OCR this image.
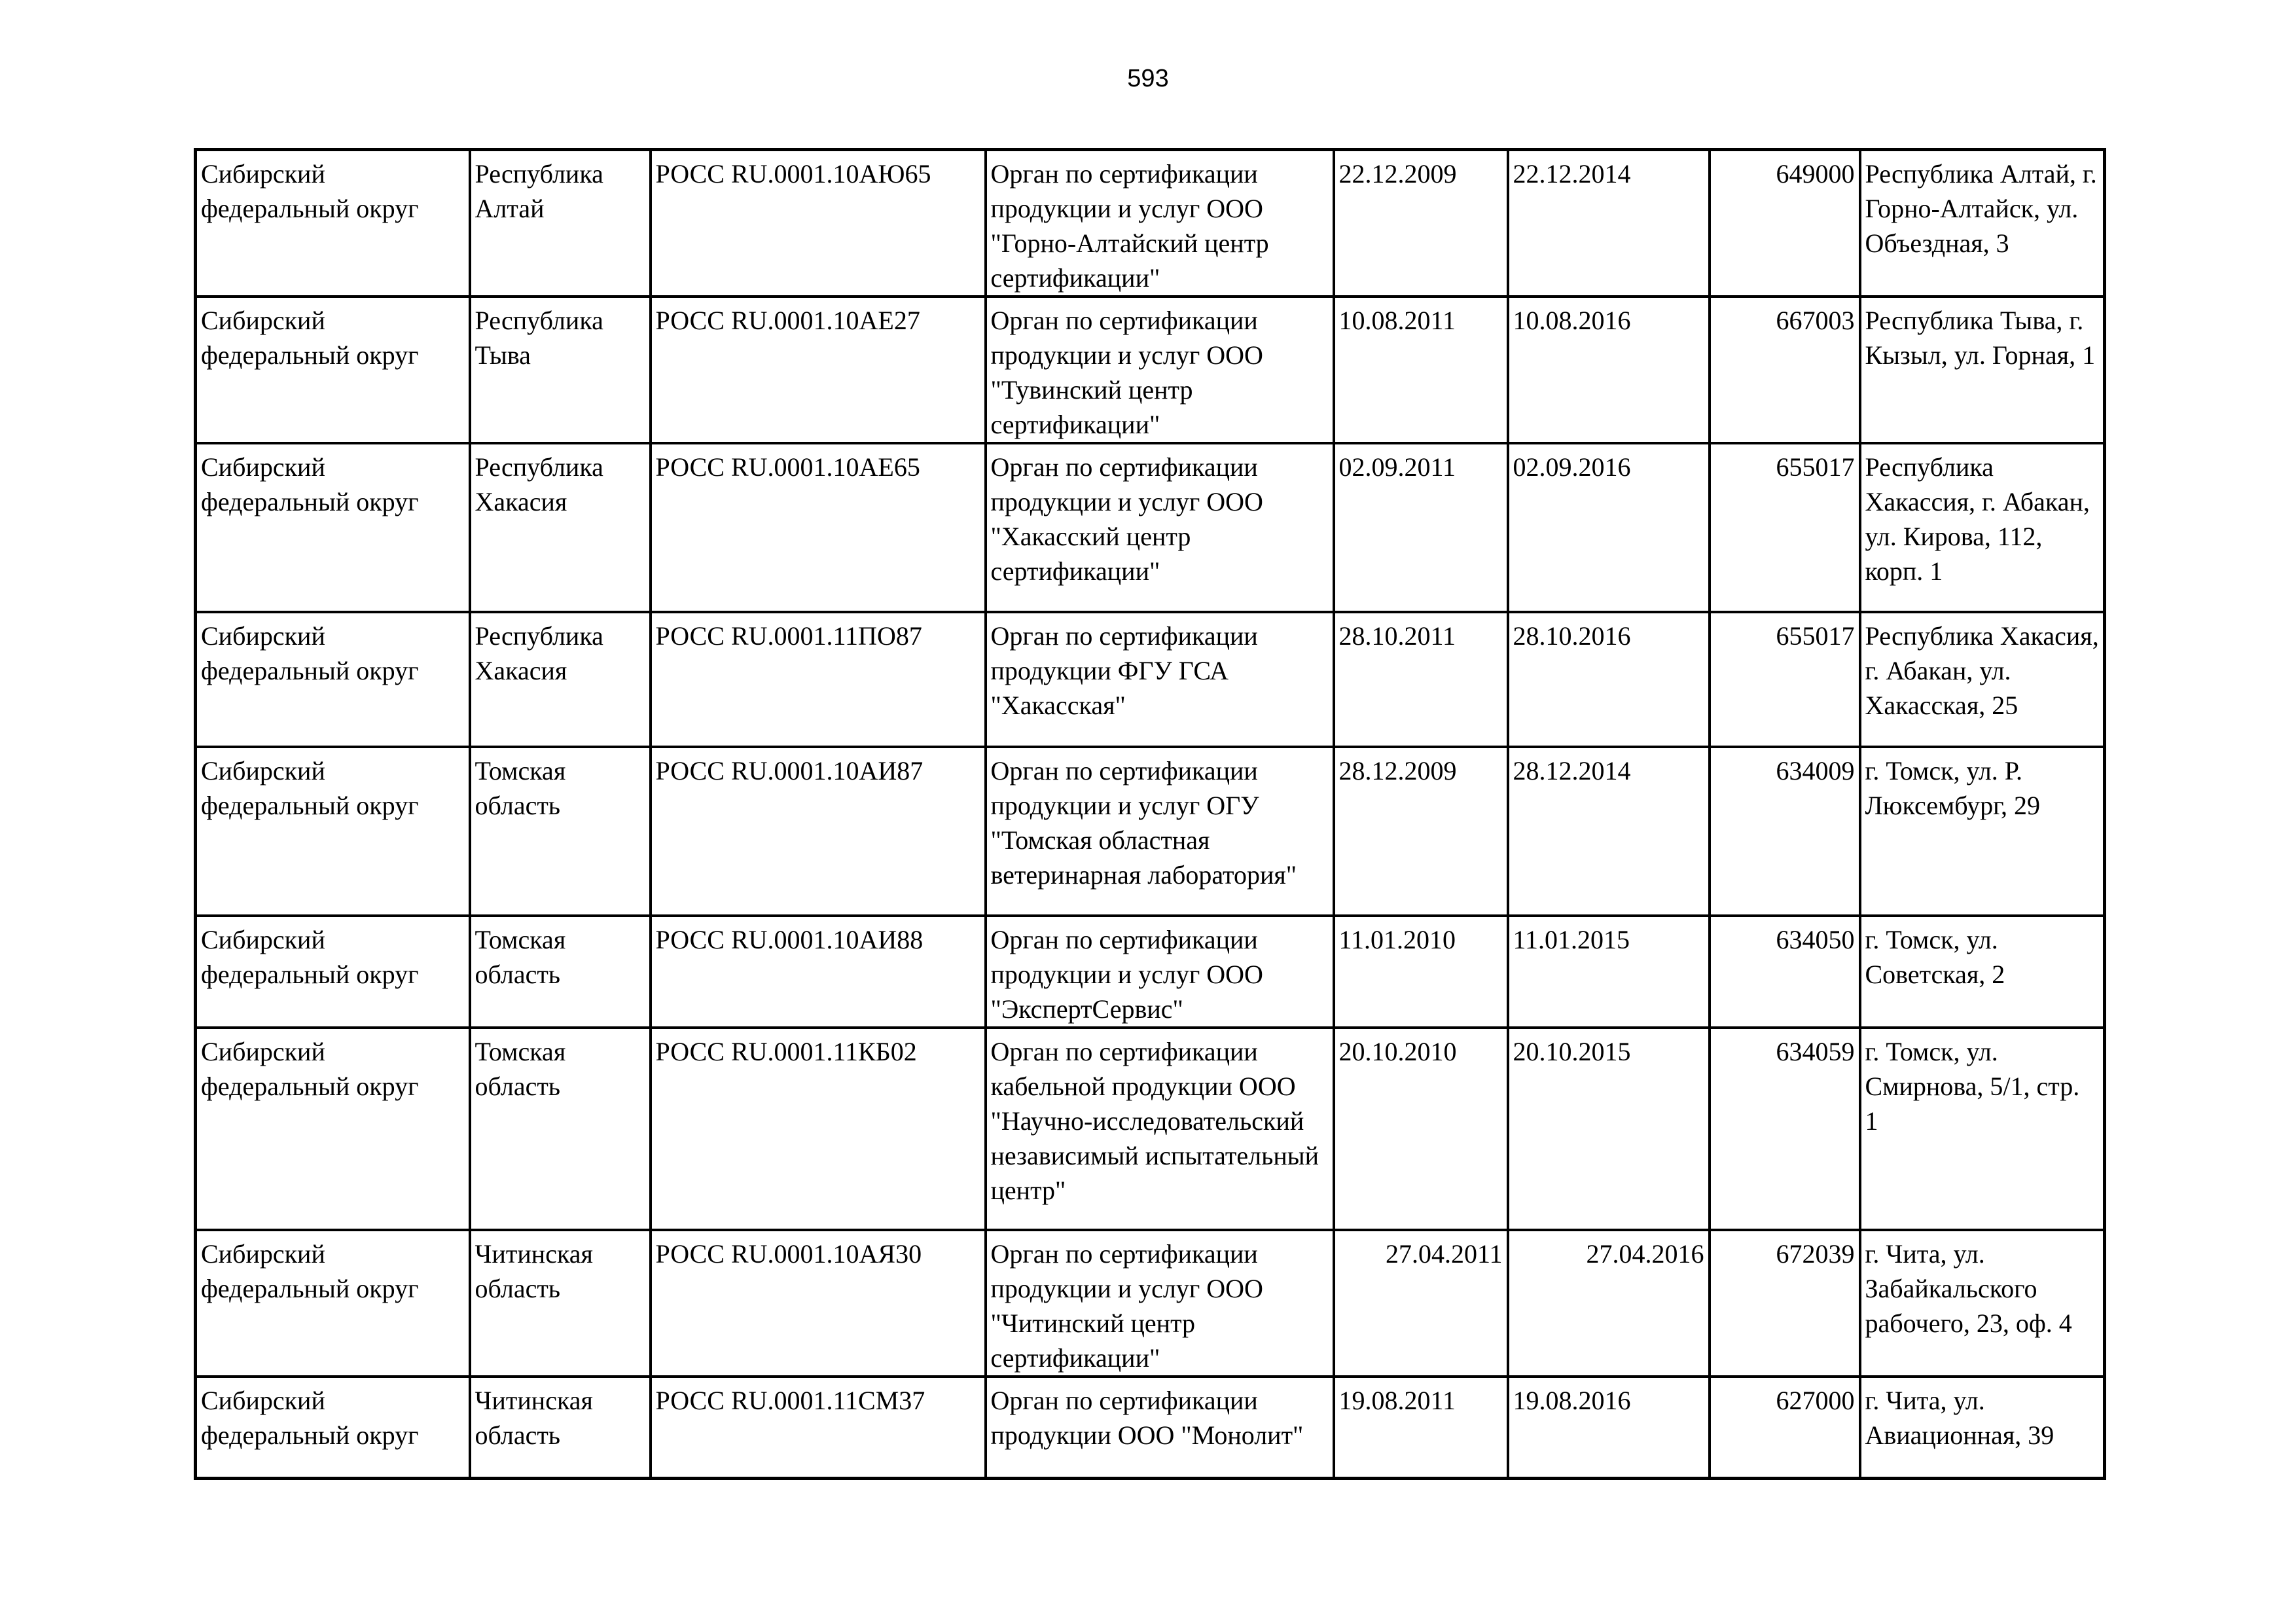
593
Сибирский федеральный округ	Республика Алтай	РОСС RU.0001.10АЮ65	Орган по сертификации продукции и услуг ООО "Горно-Алтайский центр сертификации"	22.12.2009	22.12.2014	649000	Республика Алтай, г. Горно-Алтайск, ул. Объездная, 3
Сибирский федеральный округ	Республика Тыва	РОСС RU.0001.10АЕ27	Орган по сертификации продукции и услуг ООО "Тувинский центр сертификации"	10.08.2011	10.08.2016	667003	Республика Тыва, г. Кызыл, ул. Горная, 1
Сибирский федеральный округ	Республика Хакасия	РОСС RU.0001.10АЕ65	Орган по сертификации продукции и услуг ООО "Хакасский центр сертификации"	02.09.2011	02.09.2016	655017	Республика Хакассия, г. Абакан, ул. Кирова, 112, корп. 1
Сибирский федеральный округ	Республика Хакасия	РОСС RU.0001.11ПО87	Орган по сертификации продукции ФГУ ГСА "Хакасская"	28.10.2011	28.10.2016	655017	Республика Хакасия, г. Абакан, ул. Хакасская, 25
Сибирский федеральный округ	Томская область	РОСС RU.0001.10АИ87	Орган по сертификации продукции и услуг ОГУ "Томская областная ветеринарная лаборатория"	28.12.2009	28.12.2014	634009	г. Томск, ул. Р. Люксембург, 29
Сибирский федеральный округ	Томская область	РОСС RU.0001.10АИ88	Орган по сертификации продукции и услуг ООО "ЭкспертСервис"	11.01.2010	11.01.2015	634050	г. Томск, ул. Советская, 2
Сибирский федеральный округ	Томская область	РОСС RU.0001.11КБ02	Орган по сертификации кабельной продукции ООО "Научно-исследовательский независимый испытательный центр"	20.10.2010	20.10.2015	634059	г. Томск, ул. Смирнова, 5/1, стр. 1
Сибирский федеральный округ	Читинская область	РОСС RU.0001.10АЯ30	Орган по сертификации продукции и услуг ООО "Читинский центр сертификации"	27.04.2011	27.04.2016	672039	г. Чита, ул. Забайкальского рабочего, 23, оф. 4
Сибирский федеральный округ	Читинская область	РОСС RU.0001.11СМ37	Орган по сертификации продукции ООО "Монолит"	19.08.2011	19.08.2016	627000	г. Чита, ул. Авиационная, 39
